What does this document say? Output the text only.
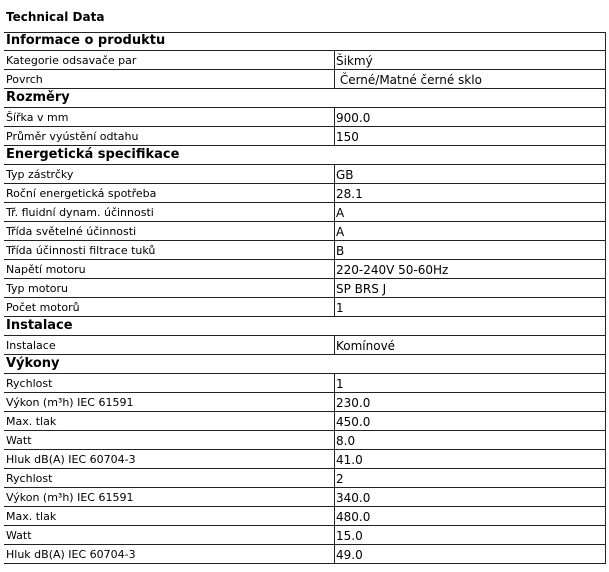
Technical Data
Informace o produktu
Kategorie odsavače par	Šikmý
Povrch	Černé/Matné černé sklo
Rozměry
Šířka v mm	900.0
Průměr vyústění odtahu	150
Energetická specifikace
Typ zástrčky	GB
Roční energetická spotřeba	28.1
Tř. fluidní dynam. účinnosti	A
Třída světelné účinnosti	A
Třída účinnosti filtrace tuků	B
Napětí motoru	220-240V 50-60Hz
Typ motoru	SP BRS J
Počet motorů	1
Instalace
Instalace	Komínové
Výkony
Rychlost	1
Výkon (m³h) IEC 61591	230.0
Max. tlak	450.0
Watt	8.0
Hluk dB(A) IEC 60704-3	41.0
Rychlost	2
Výkon (m³h) IEC 61591	340.0
Max. tlak	480.0
Watt	15.0
Hluk dB(A) IEC 60704-3	49.0
